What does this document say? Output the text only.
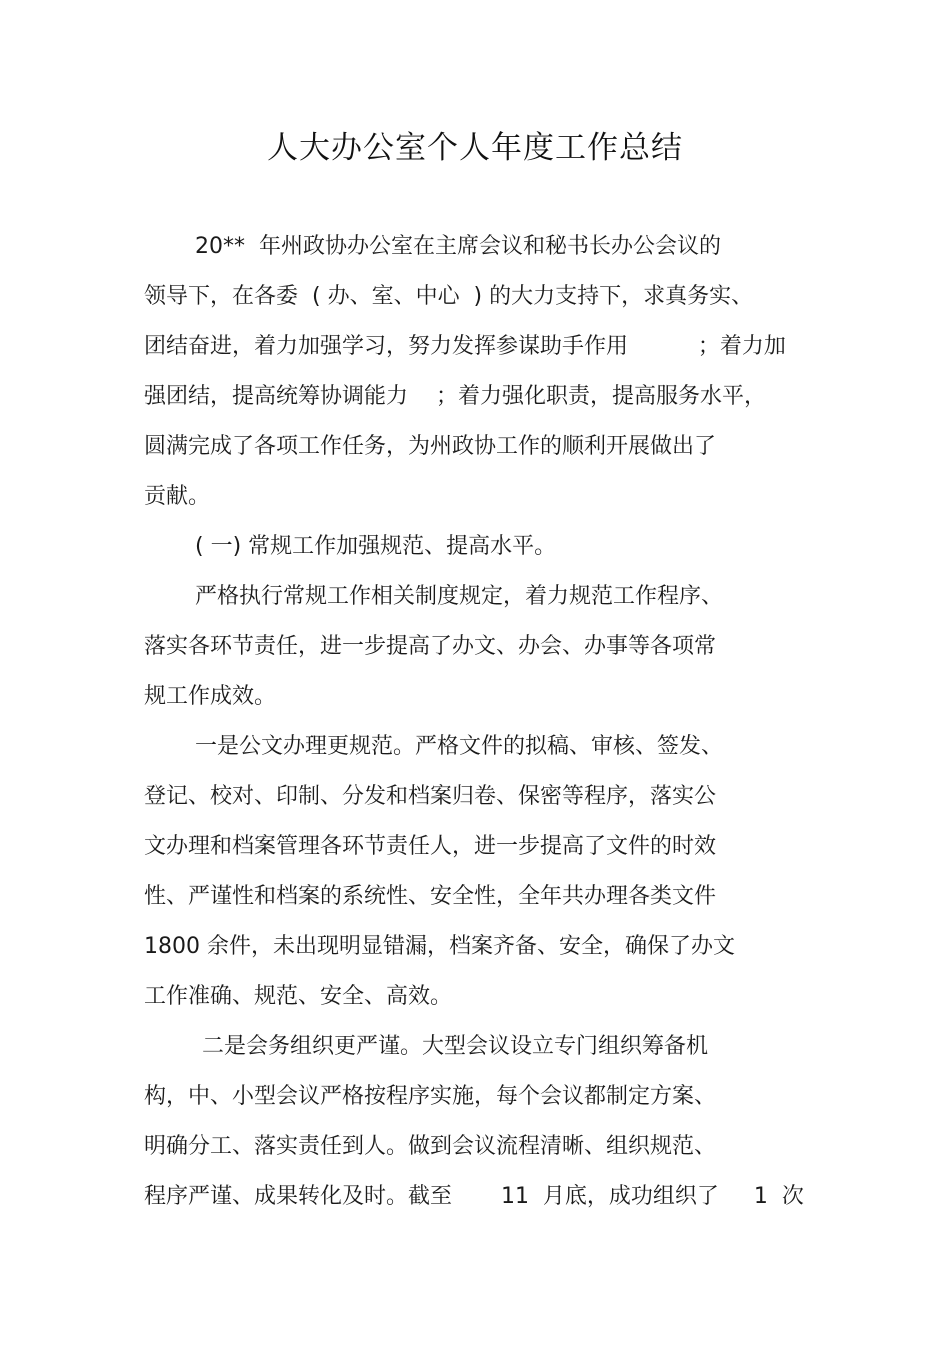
人大办公室个人年度工作总结
20**  年州政协办公室在主席会议和秘书长办公会议的
领导下，在各委  ( 办、室、中心  ) 的大力支持下，求真务实、
团结奋进，着力加强学习，努力发挥参谋助手作用          ；着力加
强团结，提高统筹协调能力    ；着力强化职责，提高服务水平，
圆满完成了各项工作任务，为州政协工作的顺利开展做出了
贡献。
( 一) 常规工作加强规范、提高水平。
严格执行常规工作相关制度规定，着力规范工作程序、
落实各环节责任，进一步提高了办文、办会、办事等各项常
规工作成效。
一是公文办理更规范。严格文件的拟稿、审核、签发、
登记、校对、印制、分发和档案归卷、保密等程序，落实公
文办理和档案管理各环节责任人，进一步提高了文件的时效
性、严谨性和档案的系统性、安全性，全年共办理各类文件
1800 余件，未出现明显错漏，档案齐备、安全，确保了办文
工作准确、规范、安全、高效。
二是会务组织更严谨。大型会议设立专门组织筹备机
构，中、小型会议严格按程序实施，每个会议都制定方案、
明确分工、落实责任到人。做到会议流程清晰、组织规范、
程序严谨、成果转化及时。截至       11  月底，成功组织了     1  次
